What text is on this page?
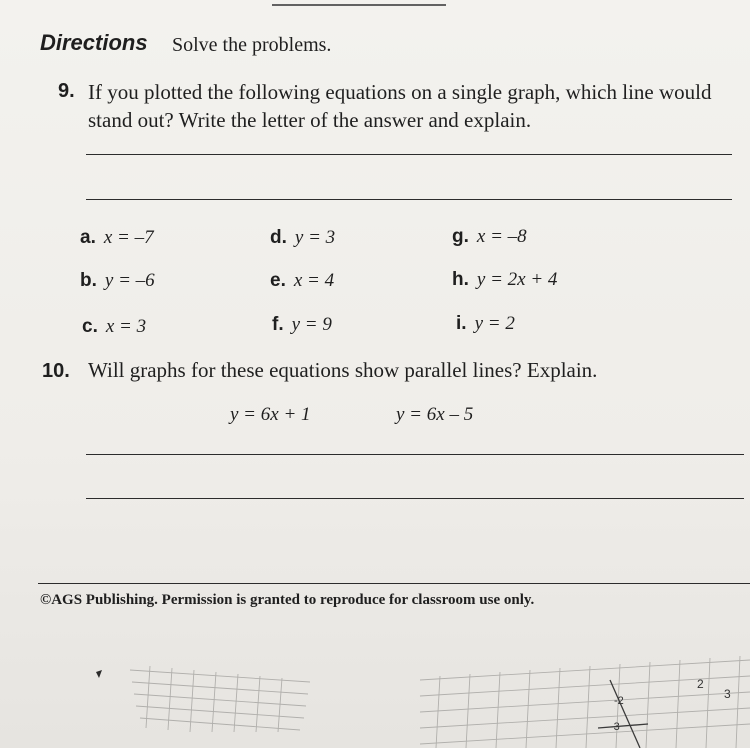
Directions Solve the problems.
9. If you plotted the following equations on a single graph, which line would stand out? Write the letter of the answer and explain.
a. x = –7
b. y = –6
c. x = 3
d. y = 3
e. x = 4
f. y = 9
g. x = –8
h. y = 2x + 4
i. y = 2
10. Will graphs for these equations show parallel lines? Explain.
y = 6x + 1	y = 6x – 5
©AGS Publishing. Permission is granted to reproduce for classroom use only.
2
3
-2
-3
